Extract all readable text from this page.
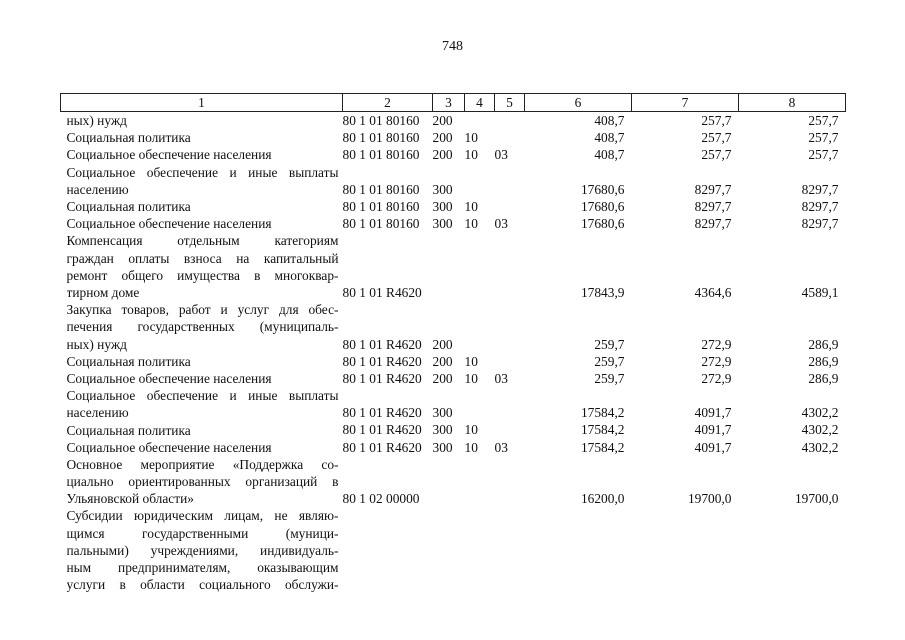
748
1	2	3	4	5	6	7	8

ных) нужд	80 1 01 80160	200			408,7	257,7	257,7

Социальная политика	80 1 01 80160	200	10		408,7	257,7	257,7

Социальное обеспечение населения	80 1 01 80160	200	10	03	408,7	257,7	257,7

Социальное обеспечение и иные выплаты
населению	80 1 01 80160	300			17680,6	8297,7	8297,7

Социальная политика	80 1 01 80160	300	10		17680,6	8297,7	8297,7

Социальное обеспечение населения	80 1 01 80160	300	10	03	17680,6	8297,7	8297,7

Компенсация отдельным категориям
граждан оплаты взноса на капитальный
ремонт общего имущества в многоквар-
тирном доме	80 1 01 R4620				17843,9	4364,6	4589,1

Закупка товаров, работ и услуг для обес-
печения государственных (муниципаль-
ных) нужд	80 1 01 R4620	200			259,7	272,9	286,9

Социальная политика	80 1 01 R4620	200	10		259,7	272,9	286,9

Социальное обеспечение населения	80 1 01 R4620	200	10	03	259,7	272,9	286,9

Социальное обеспечение и иные выплаты
населению	80 1 01 R4620	300			17584,2	4091,7	4302,2

Социальная политика	80 1 01 R4620	300	10		17584,2	4091,7	4302,2

Социальное обеспечение населения	80 1 01 R4620	300	10	03	17584,2	4091,7	4302,2

Основное мероприятие «Поддержка со-
циально ориентированных организаций в
Ульяновской области»	80 1 02 00000				16200,0	19700,0	19700,0

Субсидии юридическим лицам, не являю-
щимся государственными (муници-
пальными) учреждениями, индивидуаль-
ным предпринимателям, оказывающим
услуги в области социального обслужи-							
